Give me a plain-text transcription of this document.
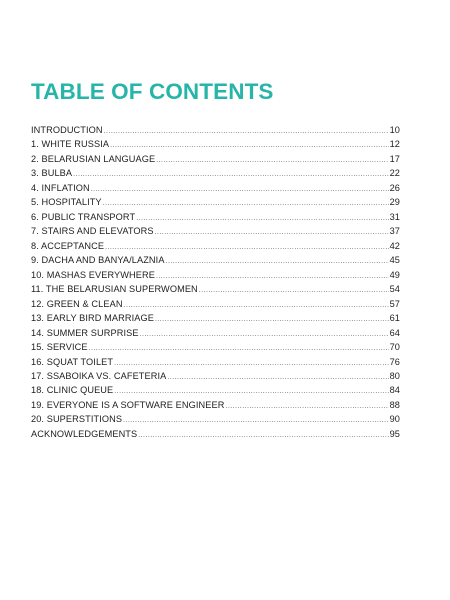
TABLE OF CONTENTS
INTRODUCTION .....	10
1. WHITE RUSSIA .....	12
2. BELARUSIAN LANGUAGE .....	17
3. BULBA .....	22
4. INFLATION .....	26
5. HOSPITALITY .....	29
6. PUBLIC TRANSPORT .....	31
7. STAIRS AND ELEVATORS .....	37
8. ACCEPTANCE .....	42
9. DACHA AND BANYA/LAZNIA .....	45
10. MASHAS EVERYWHERE .....	49
11. THE BELARUSIAN SUPERWOMEN .....	54
12. GREEN & CLEAN .....	57
13. EARLY BIRD MARRIAGE .....	61
14. SUMMER SURPRISE .....	64
15. SERVICE .....	70
16. SQUAT TOILET .....	76
17. SSABOIKA VS. CAFETERIA .....	80
18. CLINIC QUEUE .....	84
19. EVERYONE IS A SOFTWARE ENGINEER .....	88
20. SUPERSTITIONS .....	90
ACKNOWLEDGEMENTS .....	95
